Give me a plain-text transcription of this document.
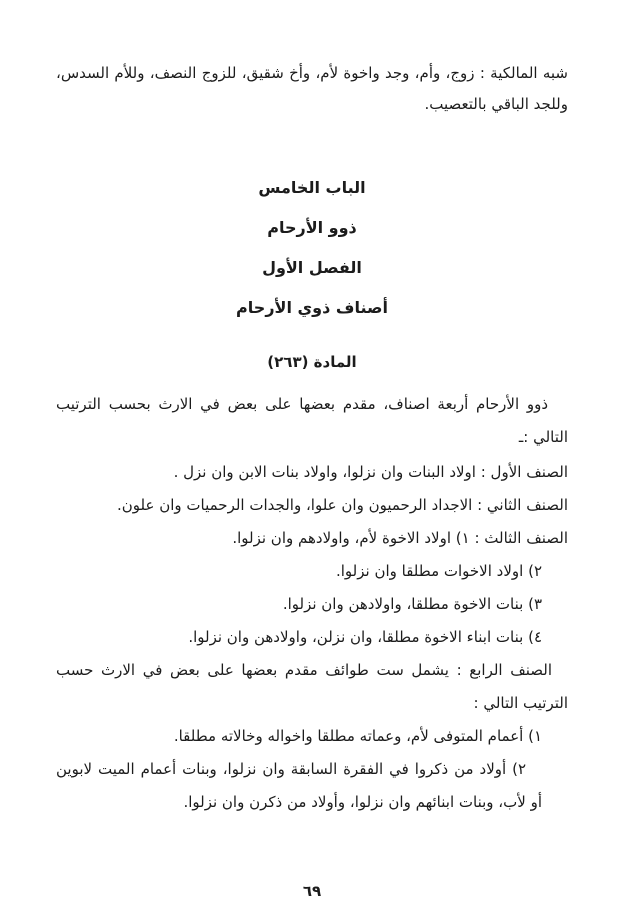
شبه المالكية : زوج، وأم، وجد واخوة لأم، وأخ شقيق، للزوج النصف، وللأم السدس، وللجد الباقي بالتعصيب.

الباب الخامس

ذوو الأرحام

الفصل الأول

أصناف ذوي الأرحام

المادة (٢٦٣)

ذوو الأرحام أربعة اصناف، مقدم بعضها على بعض في الارث بحسب الترتيب التالي :ـ

الصنف الأول : اولاد البنات وان نزلوا، واولاد بنات الابن وان نزل .

الصنف الثاني : الاجداد الرحميون وان علوا، والجدات الرحميات وان علون.

الصنف الثالث : ١) اولاد الاخوة لأم، واولادهم وان نزلوا.

٢) اولاد الاخوات مطلقا وان نزلوا.

٣) بنات الاخوة مطلقا، واولادهن وان نزلوا.

٤) بنات ابناء الاخوة مطلقا، وان نزلن، واولادهن وان نزلوا.

الصنف الرابع : يشمل ست طوائف مقدم بعضها على بعض في الارث حسب الترتيب التالي :

١) أعمام المتوفى لأم، وعماته مطلقا واخواله وخالاته مطلقا.

٢) أولاد من ذكروا في الفقرة السابقة وان نزلوا، وبنات أعمام الميت لابوين أو لأب، وبنات ابنائهم وان نزلوا، وأولاد من ذكرن وان نزلوا.

٦٩
